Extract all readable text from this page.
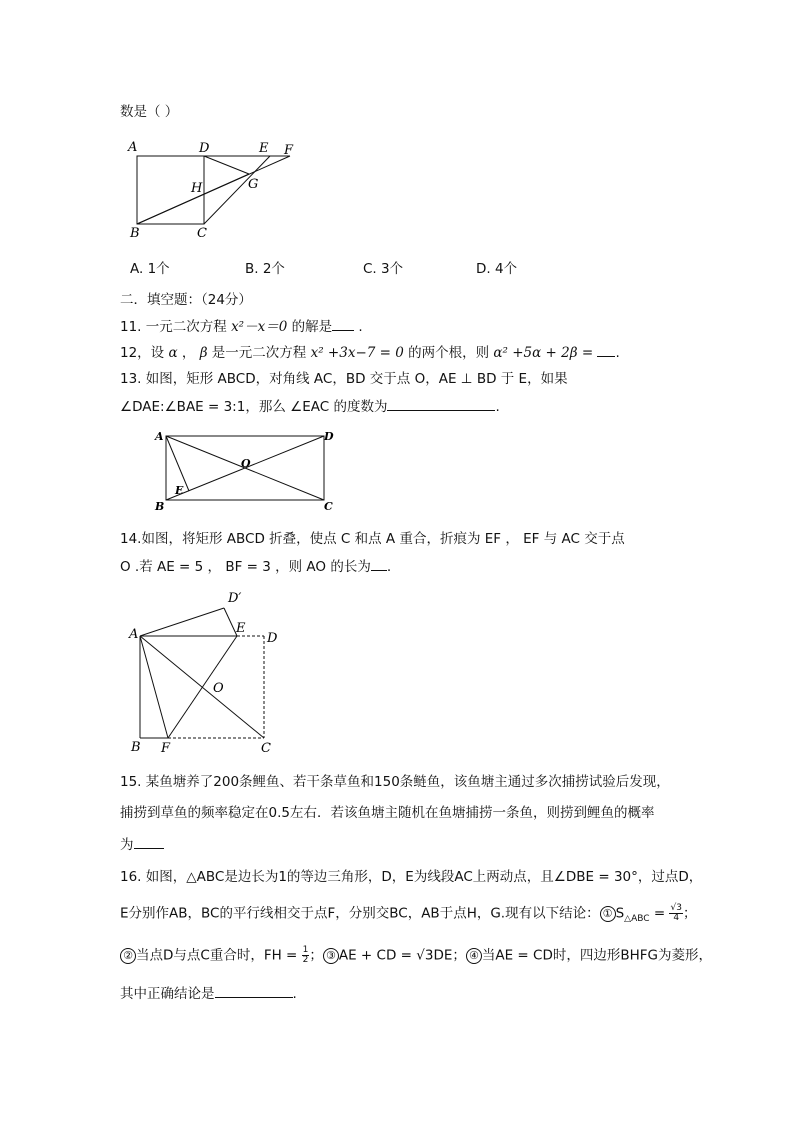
数是（ ）
A	D	E F
H	G
B	C
A. 1个	B. 2个	C. 3个	D. 4个
二．填空题：（24分）
11. 一元二次方程 x²－x＝0 的解是 .
12，设 α ， β 是一元二次方程 x² +3x−7 = 0 的两个根，则 α² +5α + 2β = .
13. 如图，矩形 ABCD，对角线 AC，BD 交于点 O，AE ⊥ BD 于 E，如果
∠DAE:∠BAE = 3:1，那么 ∠EAC 的度数为	.
A	D
O
E
B	C
14.如图，将矩形 ABCD 折叠，使点 C 和点 A 重合，折痕为 EF ， EF 与 AC 交于点
O .若 AE = 5 ， BF = 3 ，则 AO 的长为 .
D′
A	E
D
O
B F	C
15. 某鱼塘养了200条鲤鱼、若干条草鱼和150条鲢鱼，该鱼塘主通过多次捕捞试验后发现，
捕捞到草鱼的频率稳定在0.5左右．若该鱼塘主随机在鱼塘捕捞一条鱼，则捞到鲤鱼的概率
为
16. 如图，△ABC是边长为1的等边三角形，D，E为线段AC上两动点，且∠DBE = 30°，过点D，
E分别作AB，BC的平行线相交于点F，分别交BC，AB于点H，G.现有以下结论： ① $S_{\triangle ABC} = \frac{√3}{4}$ ；
② 当点D与点C重合时，FH = $\frac{1}{2}$ ； ③ AE + CD = √3DE； ④ 当AE = CD时，四边形BHFG为菱形，
其中正确结论是	.
